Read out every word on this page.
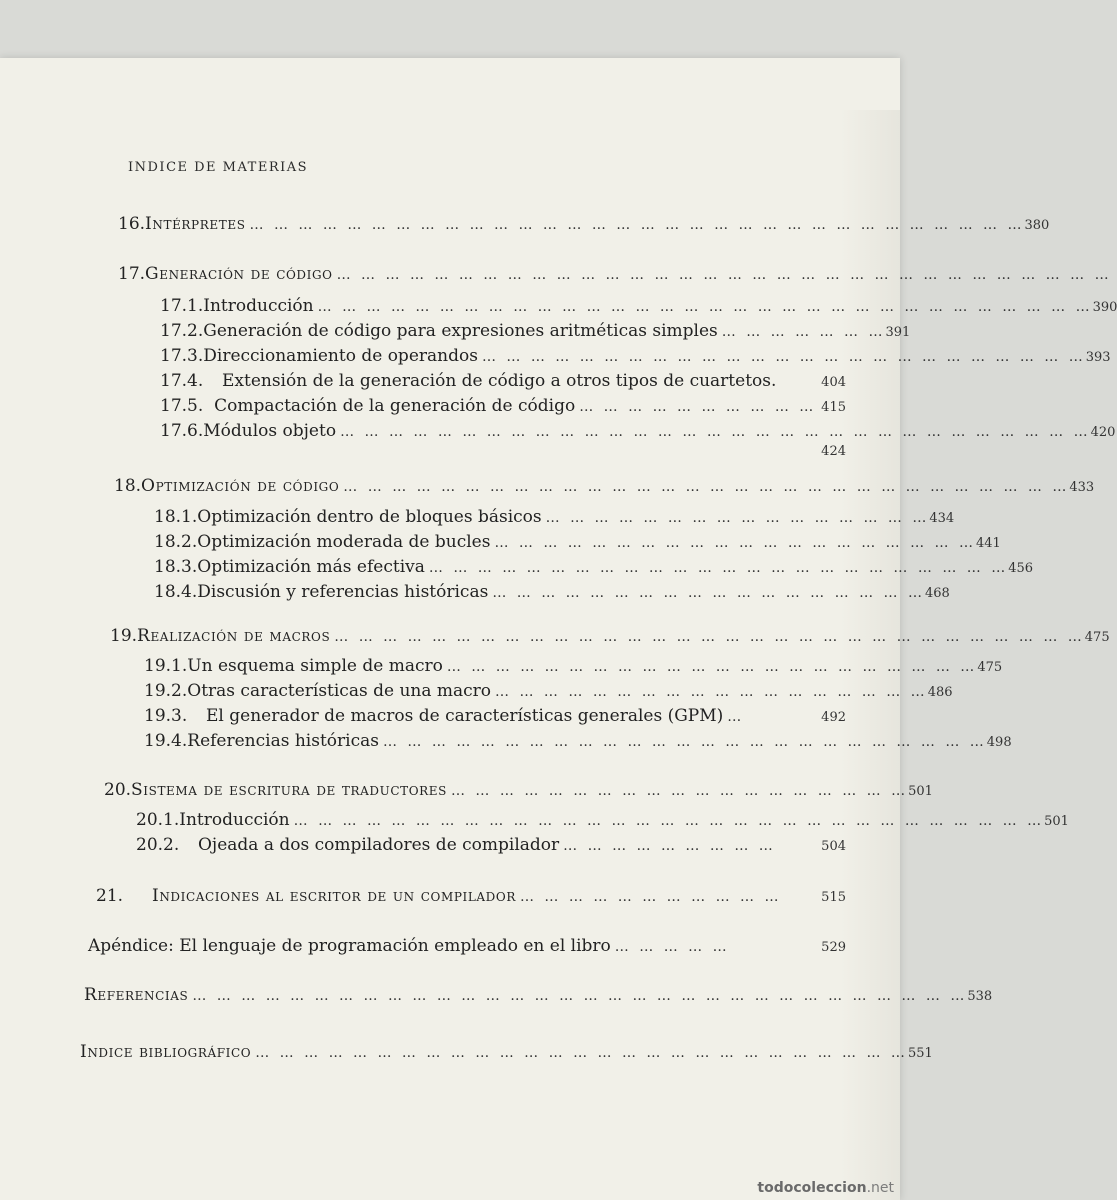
INDICE DE MATERIAS
16. Intérpretes … … … … … … … … … … … … … … … … … … … … … … … … … … … … … … … … 380
17. Generación de código … … … … … … … … … … … … … … … … … … … … … … … … … … … … … … … …
17.1. Introducción … … … … … … … … … … … … … … … … … … … … … … … … … … … … … … … … 390
17.2. Generación de código para expresiones aritméticas simples … … … … … … … 391
17.3. Direccionamiento de operandos … … … … … … … … … … … … … … … … … … … … … … … … … 393
17.4.	Extensión de la generación de código a otros tipos de cuartetos.	404
17.5. Compactación de la generación de código … … … … … … … … … … 415
17.6. Módulos objeto … … … … … … … … … … … … … … … … … … … … … … … … … … … … … … … 420
424
18. Optimización de código … … … … … … … … … … … … … … … … … … … … … … … … … … … … … … 433
18.1. Optimización dentro de bloques básicos … … … … … … … … … … … … … … … … 434
18.2. Optimización moderada de bucles … … … … … … … … … … … … … … … … … … … … 441
18.3. Optimización más efectiva … … … … … … … … … … … … … … … … … … … … … … … … 456
18.4. Discusión y referencias históricas … … … … … … … … … … … … … … … … … … 468
19. Realización de macros … … … … … … … … … … … … … … … … … … … … … … … … … … … … … … … 475
19.1. Un esquema simple de macro … … … … … … … … … … … … … … … … … … … … … … 475
19.2. Otras características de una macro … … … … … … … … … … … … … … … … … … 486
19.3.	El generador de macros de características generales (GPM) …	492
19.4. Referencias históricas … … … … … … … … … … … … … … … … … … … … … … … … … 498
20. Sistema de escritura de traductores … … … … … … … … … … … … … … … … … … … 501
20.1. Introducción … … … … … … … … … … … … … … … … … … … … … … … … … … … … … … … 501
20.2.	Ojeada a dos compiladores de compilador … … … … … … … … …	504
21.	Indicaciones al escritor de un compilador … … … … … … … … … … …	515
Apéndice: El lenguaje de programación empleado en el libro … … … … …	529
Referencias … … … … … … … … … … … … … … … … … … … … … … … … … … … … … … … … 538
Indice bibliográfico … … … … … … … … … … … … … … … … … … … … … … … … … … … 551
todocoleccion.net
